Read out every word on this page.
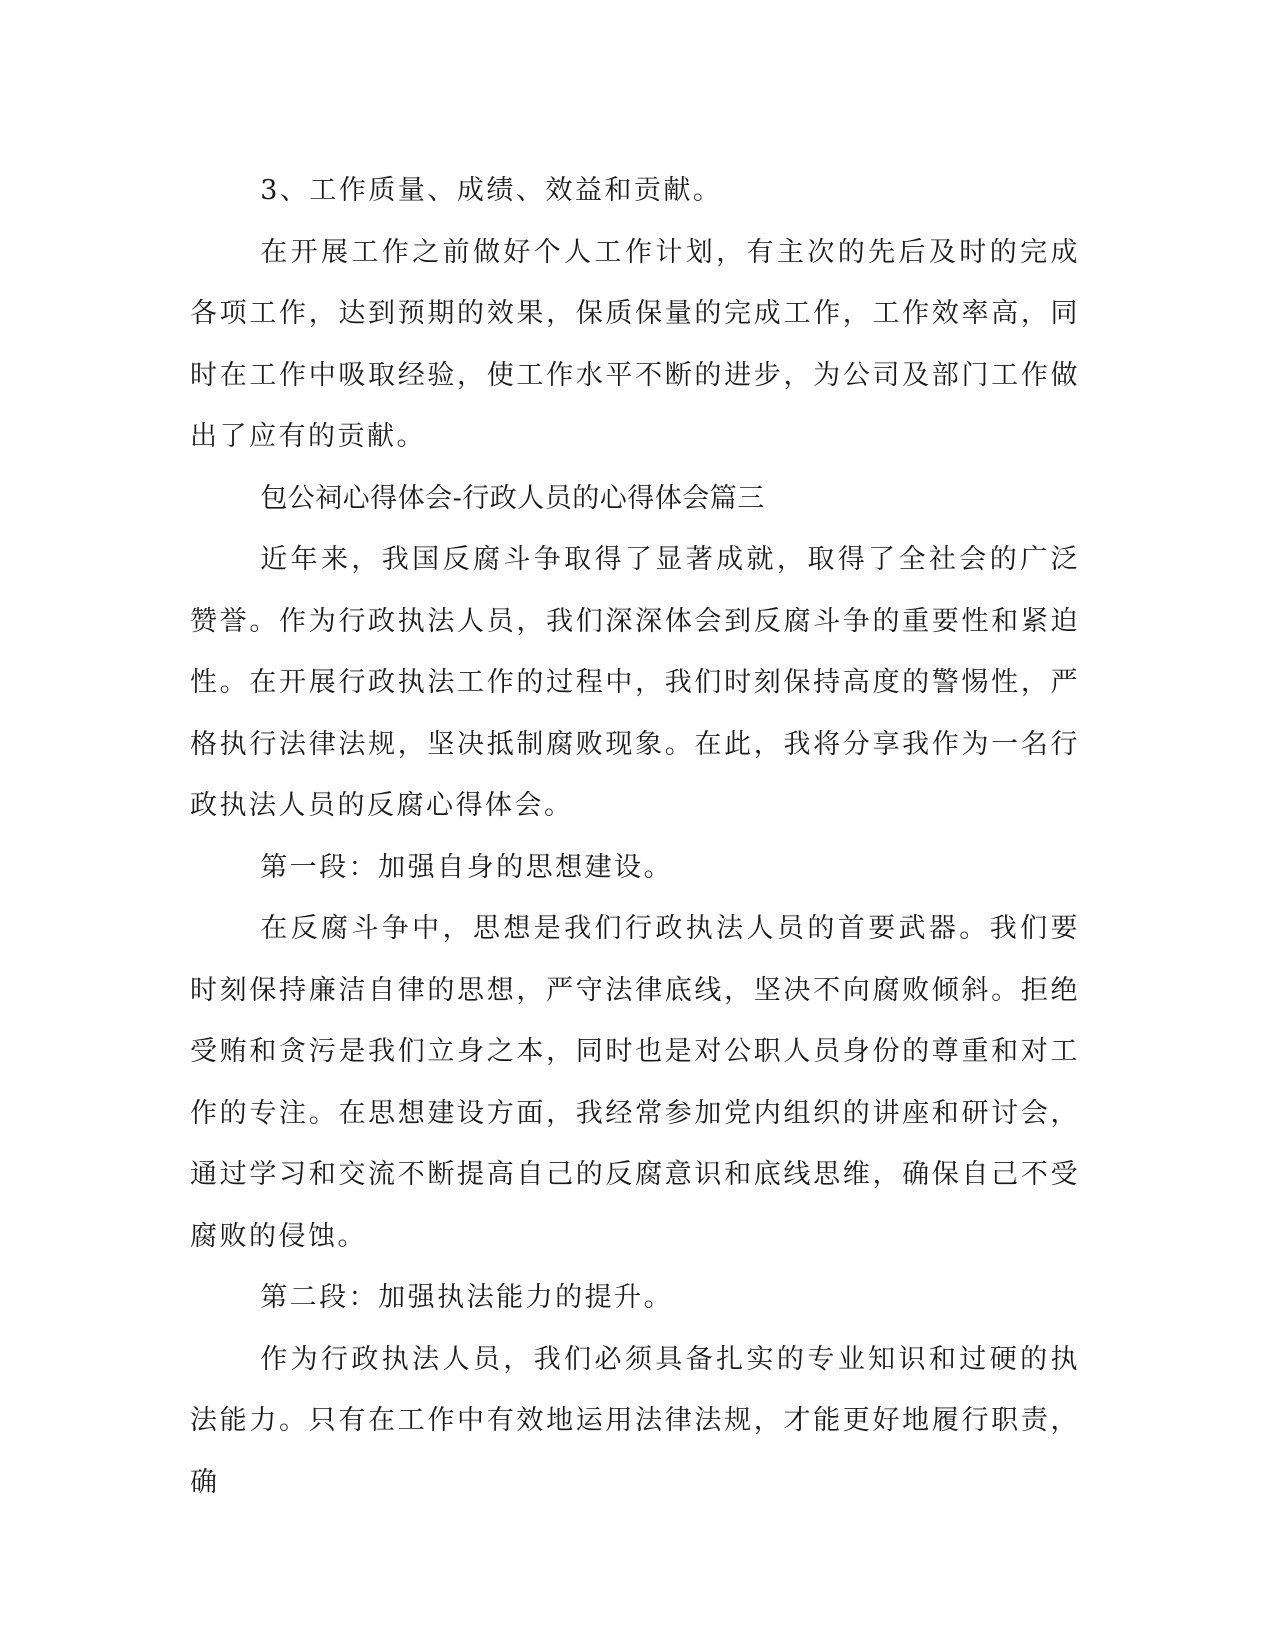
3、工作质量、成绩、效益和贡献。

在开展工作之前做好个人工作计划，有主次的先后及时的完成各项工作，达到预期的效果，保质保量的完成工作，工作效率高，同时在工作中吸取经验，使工作水平不断的进步，为公司及部门工作做出了应有的贡献。

包公祠心得体会-行政人员的心得体会篇三

近年来，我国反腐斗争取得了显著成就，取得了全社会的广泛赞誉。作为行政执法人员，我们深深体会到反腐斗争的重要性和紧迫性。在开展行政执法工作的过程中，我们时刻保持高度的警惕性，严格执行法律法规，坚决抵制腐败现象。在此，我将分享我作为一名行政执法人员的反腐心得体会。

第一段：加强自身的思想建设。

在反腐斗争中，思想是我们行政执法人员的首要武器。我们要时刻保持廉洁自律的思想，严守法律底线，坚决不向腐败倾斜。拒绝受贿和贪污是我们立身之本，同时也是对公职人员身份的尊重和对工作的专注。在思想建设方面，我经常参加党内组织的讲座和研讨会，通过学习和交流不断提高自己的反腐意识和底线思维，确保自己不受腐败的侵蚀。

第二段：加强执法能力的提升。

作为行政执法人员，我们必须具备扎实的专业知识和过硬的执法能力。只有在工作中有效地运用法律法规，才能更好地履行职责，确
